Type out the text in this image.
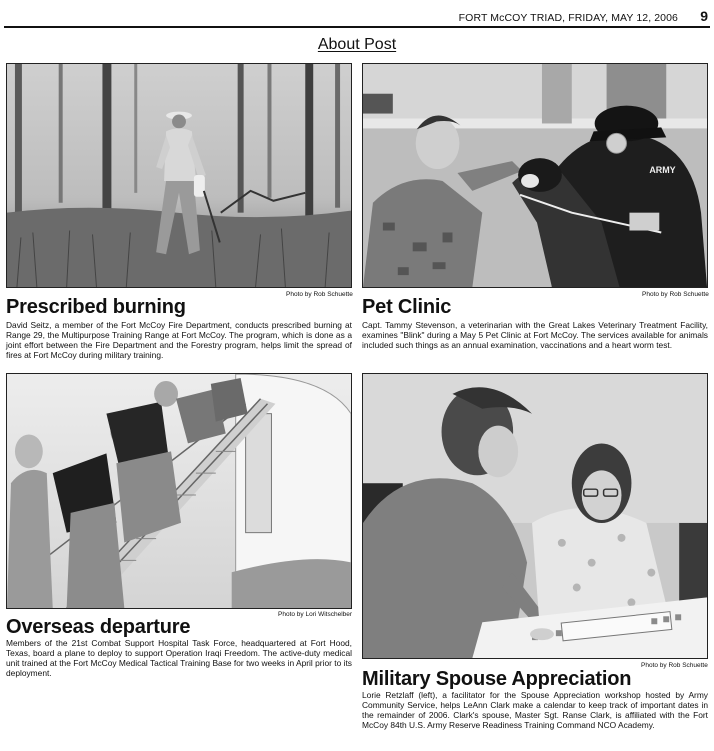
FORT McCOY TRIAD, FRIDAY, MAY 12, 2006 9
About Post
Photo by Rob Schuette
Prescribed burning
David Seitz, a member of the Fort McCoy Fire Department, conducts prescribed burning at Range 29, the Multipurpose Training Range at Fort McCoy. The program, which is done as a joint effort between the Fire Department and the Forestry program, helps limit the spread of fires at Fort McCoy during military training.
ARMY
Photo by Rob Schuette
Pet Clinic
Capt. Tammy Stevenson, a veterinarian with the Great Lakes Veterinary Treatment Facility, examines "Blink" during a May 5 Pet Clinic at Fort McCoy. The services available for animals included such things as an annual examination, vaccinations and a heart worm test.
Photo by Lori Witschelber
Overseas departure
Members of the 21st Combat Support Hospital Task Force, headquartered at Fort Hood, Texas, board a plane to deploy to support Operation Iraqi Freedom. The active-duty medical unit trained at the Fort McCoy Medical Tactical Training Base for two weeks in April prior to its deployment.
Photo by Rob Schuette
Military Spouse Appreciation
Lorie Retzlaff (left), a facilitator for the Spouse Appreciation workshop hosted by Army Community Service, helps LeAnn Clark make a calendar to keep track of important dates in the remainder of 2006. Clark's spouse, Master Sgt. Ranse Clark, is affiliated with the Fort McCoy 84th U.S. Army Reserve Readiness Training Command NCO Academy.
